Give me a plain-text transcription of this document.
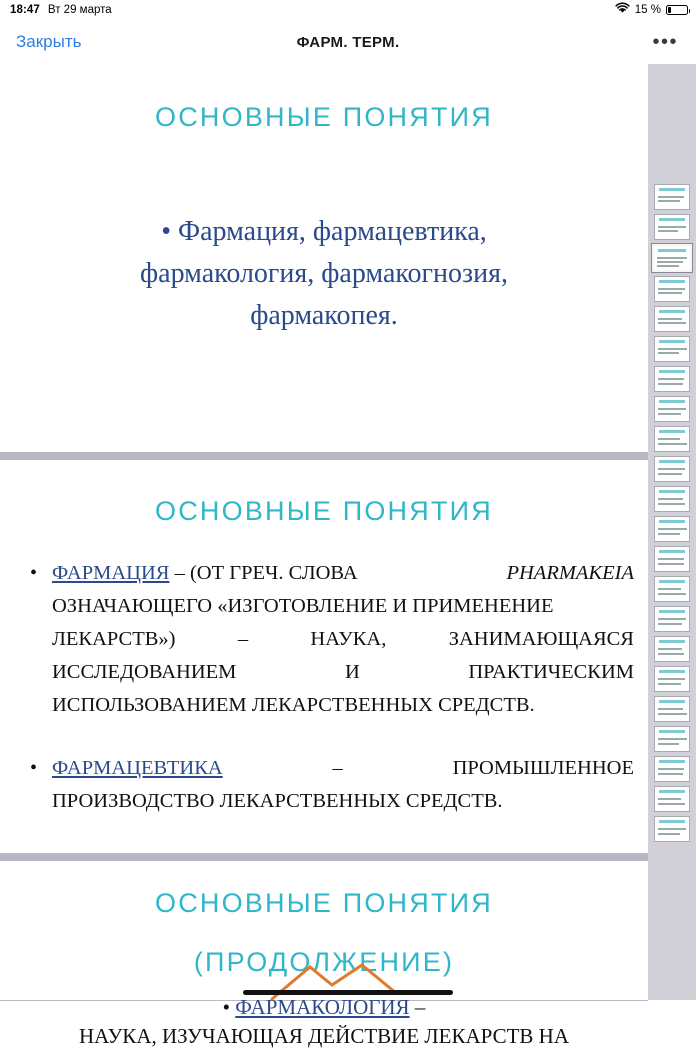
18:47 Вт 29 марта	15 %
Закрыть	ФАРМ. ТЕРМ.	•••
ОСНОВНЫЕ ПОНЯТИЯ
• Фармация, фармацевтика,
фармакология, фармакогнозия,
фармакопея.
ОСНОВНЫЕ ПОНЯТИЯ
• ФАРМАЦИЯ – (ОТ ГРЕЧ. СЛОВА	PHARMAKEIA
ОЗНАЧАЮЩЕГО «ИЗГОТОВЛЕНИЕ И ПРИМЕНЕНИЕ
ЛЕКАРСТВ»)	–	НАУКА,	ЗАНИМАЮЩАЯСЯ
ИССЛЕДОВАНИЕМ	И	ПРАКТИЧЕСКИМ
ИСПОЛЬЗОВАНИЕМ ЛЕКАРСТВЕННЫХ СРЕДСТВ.
• ФАРМАЦЕВТИКА	–	ПРОМЫШЛЕННОЕ
ПРОИЗВОДСТВО ЛЕКАРСТВЕННЫХ СРЕДСТВ.
ОСНОВНЫЕ ПОНЯТИЯ
(ПРОДОЛЖЕНИЕ)
• ФАРМАКОЛОГИЯ –
НАУКА, ИЗУЧАЮЩАЯ ДЕЙСТВИЕ ЛЕКАРСТВ НА
